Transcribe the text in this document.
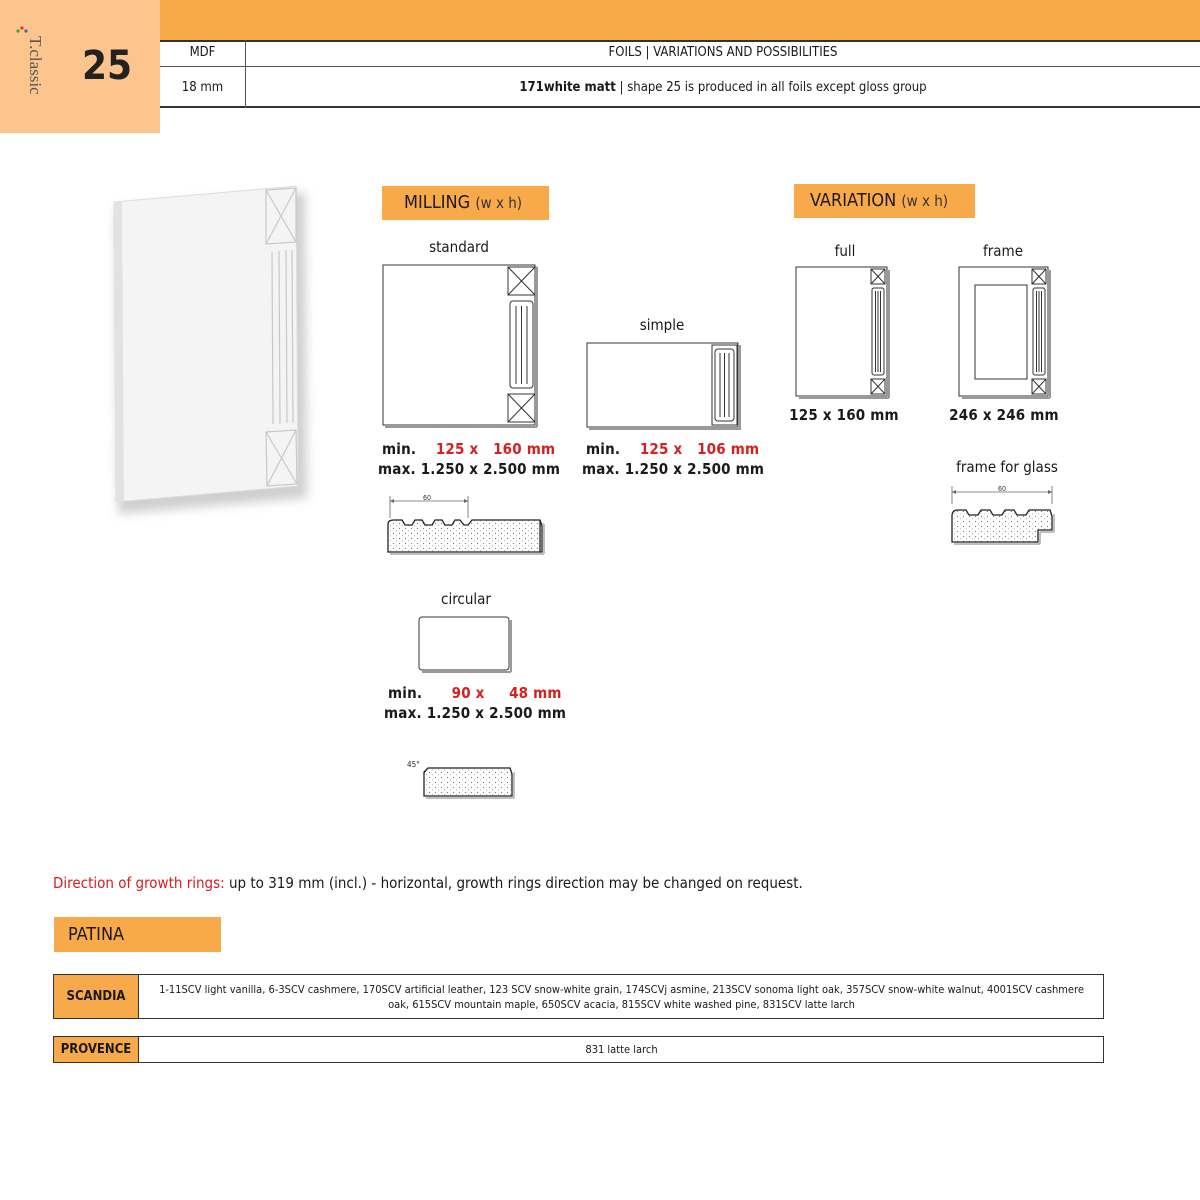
T.classic 25	MDF	FOILS | VARIATIONS AND POSSIBILITIES
18 mm	171white matt | shape 25 is produced in all foils except gloss group
MILLING (w x h)
standard
min. 125 x 160 mm
max. 1.250 x 2.500 mm
60
simple
min. 125 x 106 mm
max. 1.250 x 2.500 mm
circular
min. 90 x 48 mm
max. 1.250 x 2.500 mm
45°
VARIATION (w x h)
full
125 x 160 mm
frame
246 x 246 mm
frame for glass
60
Direction of growth rings: up to 319 mm (incl.) - horizontal, growth rings direction may be changed on request.
PATINA
SCANDIA	1-11SCV light vanilla, 6-3SCV cashmere, 170SCV artificial leather, 123 SCV snow-white grain, 174SCVj asmine, 213SCV sonoma light oak, 357SCV snow-white walnut, 4001SCV cashmere oak, 615SCV mountain maple, 650SCV acacia, 815SCV white washed pine, 831SCV latte larch
PROVENCE	831 latte larch
